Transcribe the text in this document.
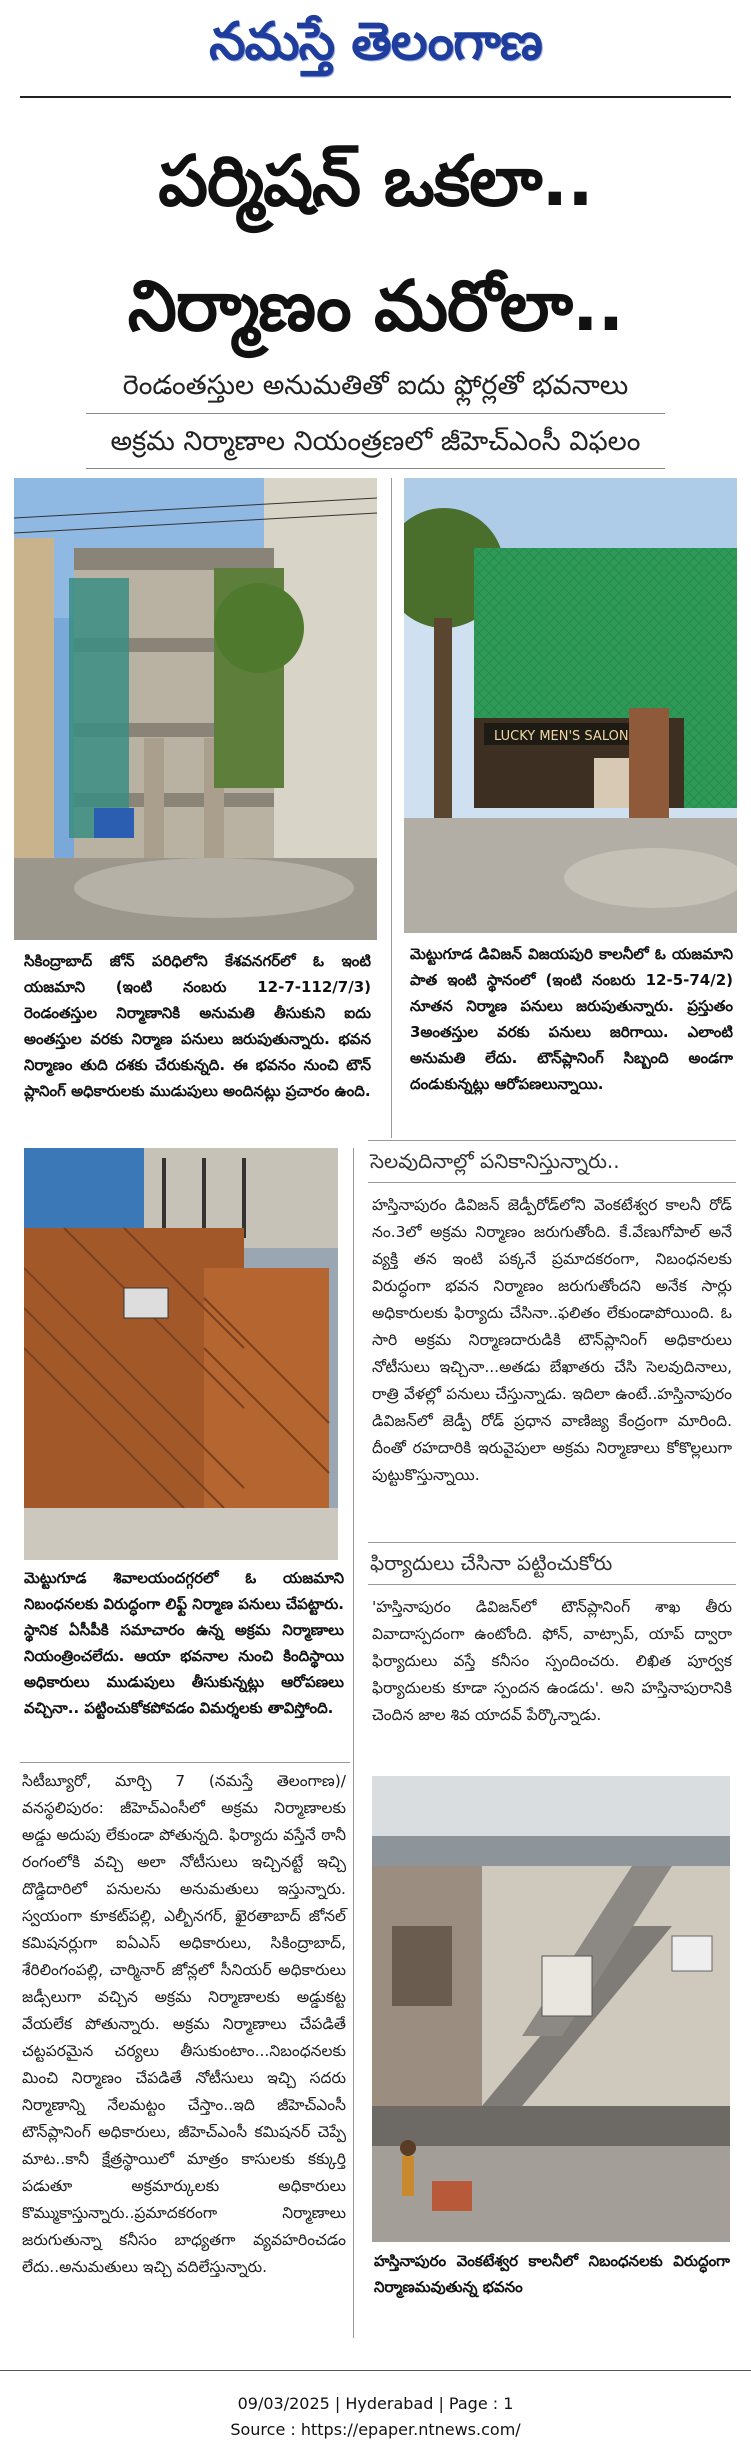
నమస్తే తెలంగాణ
పర్మిషన్ ఒకలా..
నిర్మాణం మరోలా..
రెండంతస్తుల అనుమతితో ఐదు ఫ్లోర్లతో భవనాలు
అక్రమ నిర్మాణాల నియంత్రణలో జీహెచ్ఎంసీ విఫలం
సికింద్రాబాద్ జోన్ పరిధిలోని కేశవనగర్‌లో ఓ ఇంటి యజమాని (ఇంటి నంబరు 12-7-112/7/3) రెండంతస్తుల నిర్మాణానికి అనుమతి తీసుకుని ఐదు అంతస్తుల వరకు నిర్మాణ పనులు జరుపుతున్నారు. భవన నిర్మాణం తుది దశకు చేరుకున్నది. ఈ భవనం నుంచి టౌన్ ప్లానింగ్ అధికారులకు ముడుపులు అందినట్లు ప్రచారం ఉంది.
LUCKY MEN'S SALON
మెట్టుగూడ డివిజన్ విజయపురి కాలనీలో ఓ యజమాని పాత ఇంటి స్థానంలో (ఇంటి నంబరు 12-5-74/2) నూతన నిర్మాణ పనులు జరుపుతున్నారు. ప్రస్తుతం 3అంతస్తుల వరకు పనులు జరిగాయి. ఎలాంటి అనుమతి లేదు. టౌన్‌ప్లానింగ్ సిబ్బంది అండగా దండుకున్నట్లు ఆరోపణలున్నాయి.
మెట్టుగూడ శివాలయందగ్గరలో ఓ యజమాని నిబంధనలకు విరుద్ధంగా లిఫ్ట్ నిర్మాణ పనులు చేపట్టారు. స్థానిక ఏసీపీకి సమాచారం ఉన్న అక్రమ నిర్మాణాలు నియంత్రించలేదు. ఆయా భవనాల నుంచి కిందిస్థాయి అధికారులు ముడుపులు తీసుకున్నట్లు ఆరోపణలు వచ్చినా.. పట్టించుకోకపోవడం విమర్శలకు తావిస్తోంది.
సెలవుదినాల్లో పనికానిస్తున్నారు..
హస్తినాపురం డివిజన్ జెడ్పీరోడ్‌లోని వెంకటేశ్వర కాలనీ రోడ్ నం.3లో అక్రమ నిర్మాణం జరుగుతోంది. కే.వేణుగోపాల్ అనే వ్యక్తి తన ఇంటి పక్కనే ప్రమాదకరంగా, నిబంధనలకు విరుద్ధంగా భవన నిర్మాణం జరుగుతోందని అనేక సార్లు అధికారులకు ఫిర్యాదు చేసినా..ఫలితం లేకుండాపోయింది. ఓ సారి అక్రమ నిర్మాణదారుడికి టౌన్‌ప్లానింగ్ అధికారులు నోటీసులు ఇచ్చినా...అతడు బేఖాతరు చేసి సెలవుదినాలు, రాత్రి వేళల్లో పనులు చేస్తున్నాడు. ఇదిలా ఉంటే..హస్తినాపురం డివిజన్‌లో జెడ్పీ రోడ్ ప్రధాన వాణిజ్య కేంద్రంగా మారింది. దీంతో రహదారికి ఇరువైపులా అక్రమ నిర్మాణాలు కోకొల్లలుగా పుట్టుకొస్తున్నాయి.
ఫిర్యాదులు చేసినా పట్టించుకోరు
'హస్తినాపురం డివిజన్‌లో టౌన్‌ప్లానింగ్ శాఖ తీరు వివాదాస్పదంగా ఉంటోంది. ఫోన్, వాట్సాప్, యాప్ ద్వారా ఫిర్యాదులు వస్తే కనీసం స్పందించరు. లిఖిత పూర్వక ఫిర్యాదులకు కూడా స్పందన ఉండదు'. అని హస్తినాపురానికి చెందిన జాల శివ యాదవ్ పేర్కొన్నాడు.
సిటీబ్యూరో, మార్చి 7 (నమస్తే తెలంగాణ)/వనస్థలిపురం: జీహెచ్ఎంసీలో అక్రమ నిర్మాణాలకు అడ్డు అదుపు లేకుండా పోతున్నది. ఫిర్యాదు వస్తేనే ఠానీ రంగంలోకి వచ్చి అలా నోటీసులు ఇచ్చినట్టే ఇచ్చి దొడ్డిదారిలో పనులను అనుమతులు ఇస్తున్నారు. స్వయంగా కూకట్‌పల్లి, ఎల్బీనగర్, ఖైరతాబాద్ జోనల్ కమిషనర్లుగా ఐఏఎస్ అధికారులు, సికింద్రాబాద్, శేరిలింగంపల్లి, చార్మినార్ జోన్లలో సీనియర్ అధికారులు జడ్సీలుగా వచ్చిన అక్రమ నిర్మాణాలకు అడ్డుకట్ట వేయలేక పోతున్నారు. అక్రమ నిర్మాణాలు చేపడితే చట్టపరమైన చర్యలు తీసుకుంటాం...నిబంధనలకు మించి నిర్మాణం చేపడితే నోటీసులు ఇచ్చి సదరు నిర్మాణాన్ని నేలమట్టం చేస్తాం..ఇది జీహెచ్ఎంసీ టౌన్‌ప్లానింగ్ అధికారులు, జీహెచ్ఎంసీ కమిషనర్ చెప్పే మాట..కానీ క్షేత్రస్థాయిలో మాత్రం కాసులకు కక్కుర్తి పడుతూ అక్రమార్కులకు అధికారులు కొమ్ముకాస్తున్నారు..ప్రమాదకరంగా నిర్మాణాలు జరుగుతున్నా కనీసం బాధ్యతగా వ్యవహరించడం లేదు..అనుమతులు ఇచ్చి వదిలేస్తున్నారు.	హస్తినాపురం వెంకటేశ్వర కాలనీలో నిబంధనలకు విరుద్ధంగా నిర్మాణమవుతున్న భవనం
09/03/2025 | Hyderabad | Page : 1
Source : https://epaper.ntnews.com/
